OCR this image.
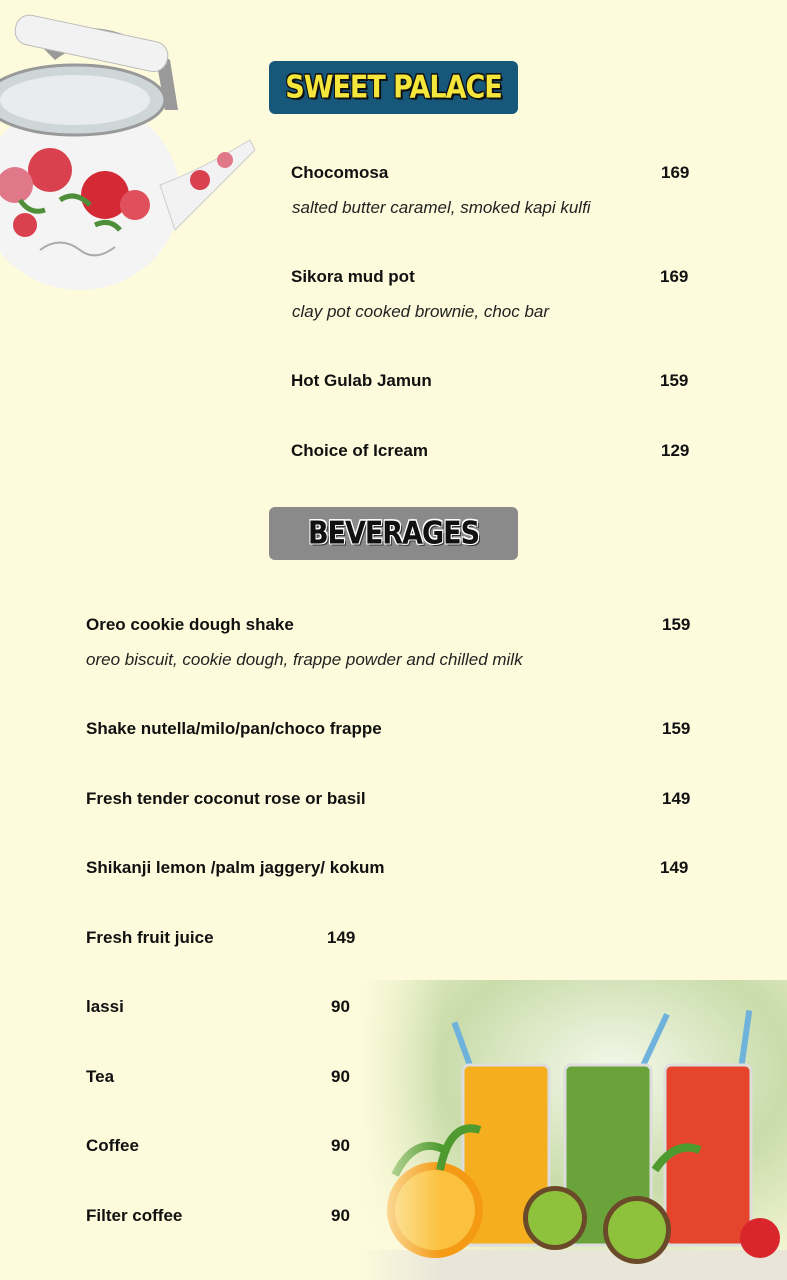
SWEET PALACE
Chocomosa	169
salted butter caramel, smoked kapi kulfi
Sikora mud pot	169
clay pot cooked brownie, choc bar
Hot Gulab Jamun	159
Choice of Icream	129
BEVERAGES
Oreo cookie dough shake	159
oreo biscuit, cookie dough, frappe powder and chilled milk
Shake nutella/milo/pan/choco frappe	159
Fresh tender coconut rose or basil	149
Shikanji lemon /palm jaggery/ kokum	149
Fresh fruit juice	149
lassi	90
Tea	90
Coffee	90
Filter coffee	90
